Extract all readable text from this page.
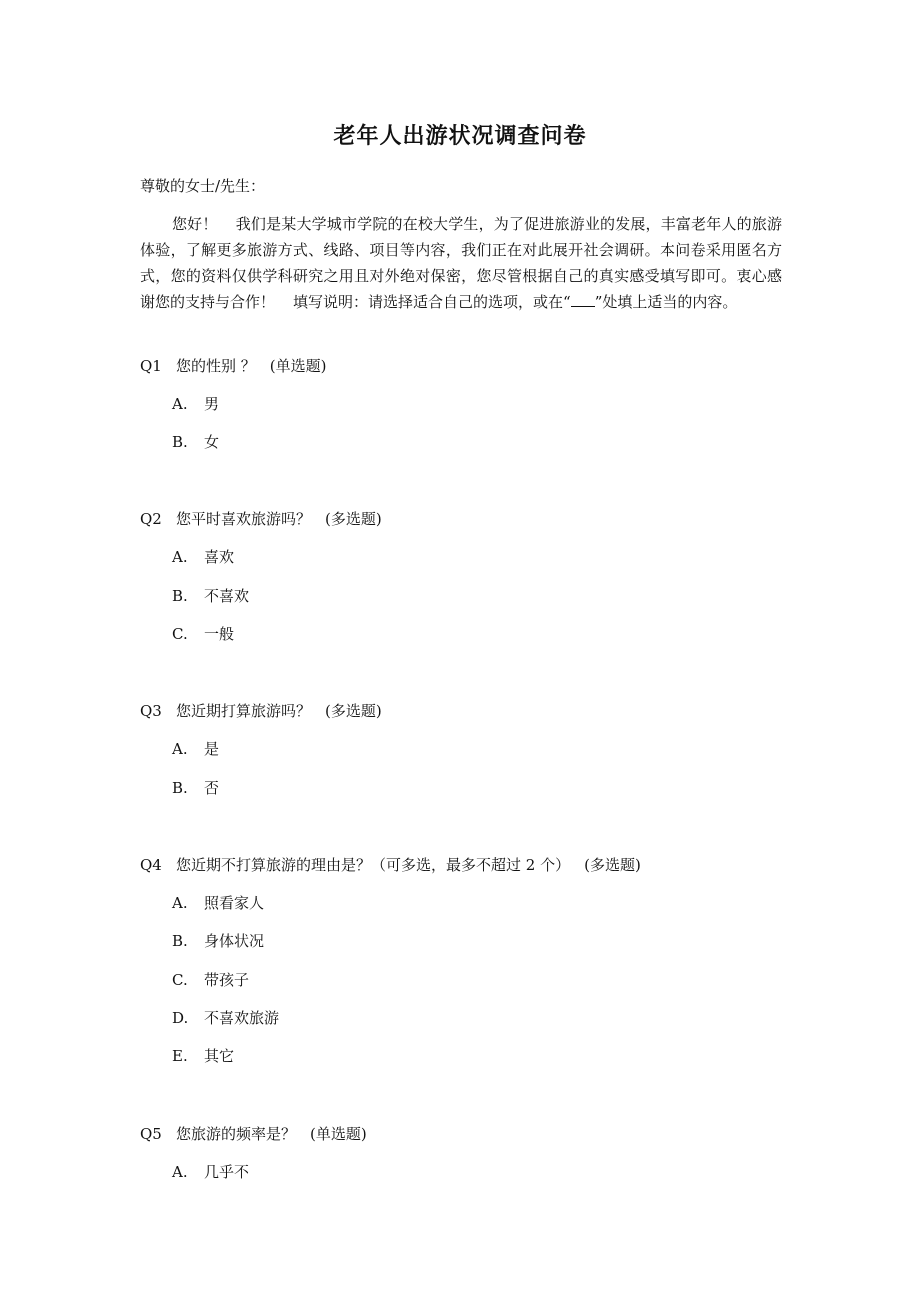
老年人出游状况调查问卷
尊敬的女士/先生：

您好！ 我们是某大学城市学院的在校大学生，为了促进旅游业的发展，丰富老年人的旅游体验，了解更多旅游方式、线路、项目等内容，我们正在对此展开社会调研。本问卷采用匿名方式，您的资料仅供学科研究之用且对外绝对保密，您尽管根据自己的真实感受填写即可。衷心感谢您的支持与合作！ 填写说明：请选择适合自己的选项，或在“ ”处填上适当的内容。

Q1 您的性别 ？ (单选题)
A. 男
B. 女
Q2 您平时喜欢旅游吗？ (多选题)
A. 喜欢
B. 不喜欢
C. 一般
Q3 您近期打算旅游吗？ (多选题)
A. 是
B. 否
Q4 您近期不打算旅游的理由是？（可多选，最多不超过 2 个） (多选题)
A. 照看家人
B. 身体状况
C. 带孩子
D. 不喜欢旅游
E. 其它
Q5 您旅游的频率是？ (单选题)
A. 几乎不
